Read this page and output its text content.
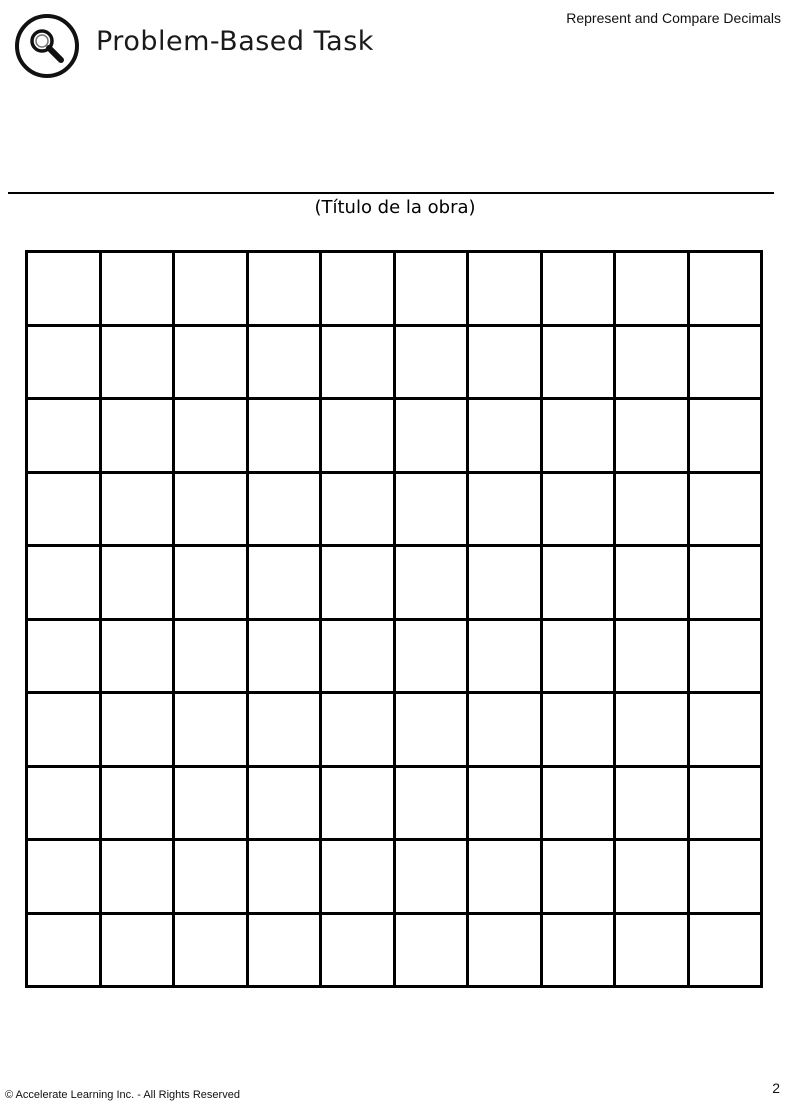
Problem-Based Task
Represent and Compare Decimals
(Título de la obra)
© Accelerate Learning Inc. - All Rights Reserved	2
